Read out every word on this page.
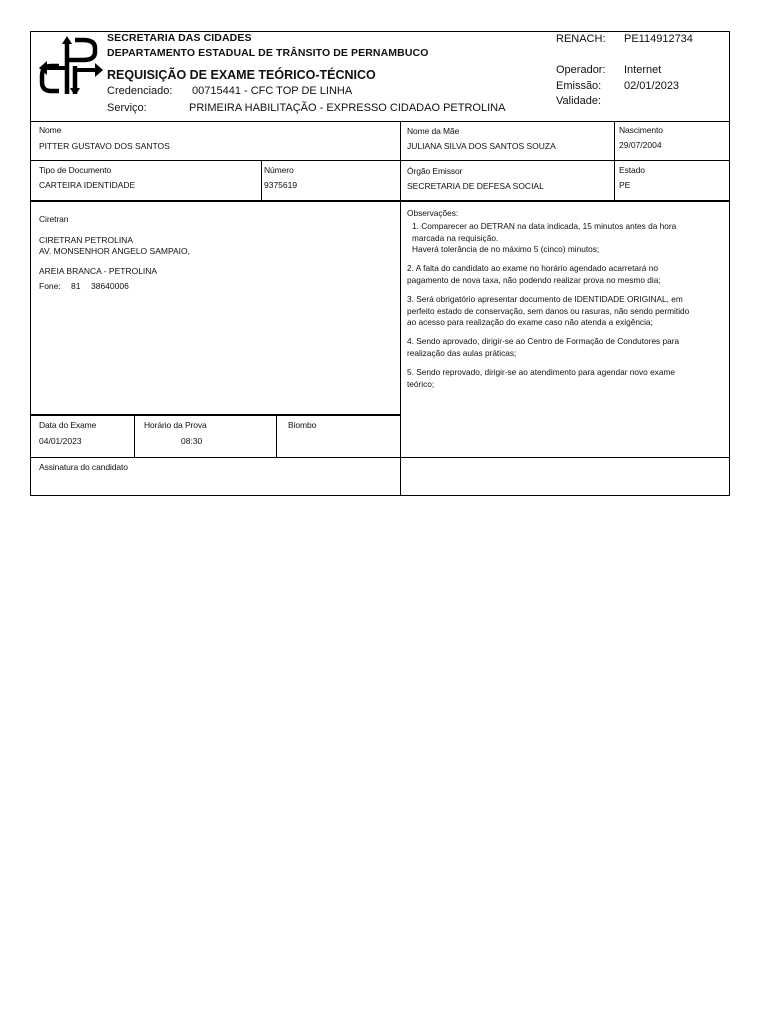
SECRETARIA DAS CIDADES
DEPARTAMENTO ESTADUAL DE TRÂNSITO DE PERNAMBUCO
REQUISIÇÃO DE EXAME TEÓRICO-TÉCNICO
Credenciado: 00715441 - CFC TOP DE LINHA
Serviço:	PRIMEIRA HABILITAÇÃO - EXPRESSO CIDADAO PETROLINA
RENACH: PE114912734
Operador: Internet
Emissão: 02/01/2023
Validade:
Nome
PITTER GUSTAVO DOS SANTOS
Nome da Mãe
JULIANA SILVA DOS SANTOS SOUZA
Nascimento
29/07/2004
Tipo de Documento
CARTEIRA IDENTIDADE
Número
9375619
Órgão Emissor
SECRETARIA DE DEFESA SOCIAL
Estado
PE
Ciretran
CIRETRAN PETROLINA
AV. MONSENHOR ANGELO SAMPAIO,
AREIA BRANCA - PETROLINA
Fone: 81 38640006
Observações:
1. Comparecer ao DETRAN na data indicada, 15 minutos antes da hora marcada na requisição.

Haverá tolerância de no máximo 5 (cinco) minutos;

2. A falta do candidato ao exame no horário agendado acarretará no pagamento de nova taxa, não podendo realizar prova no mesmo dia;

3. Será obrigatório apresentar documento de IDENTIDADE ORIGINAL, em perfeito estado de conservação, sem danos ou rasuras, não sendo permitido ao acesso para realização do exame caso não atenda a exigência;

4. Sendo aprovado, dirigir-se ao Centro de Formação de Condutores para realização das aulas práticas;

5. Sendo reprovado, dirigir-se ao atendimento para agendar novo exame teórico;

Data do Exame
04/01/2023
Horário da Prova
08:30
Biombo
Assinatura do candidato
